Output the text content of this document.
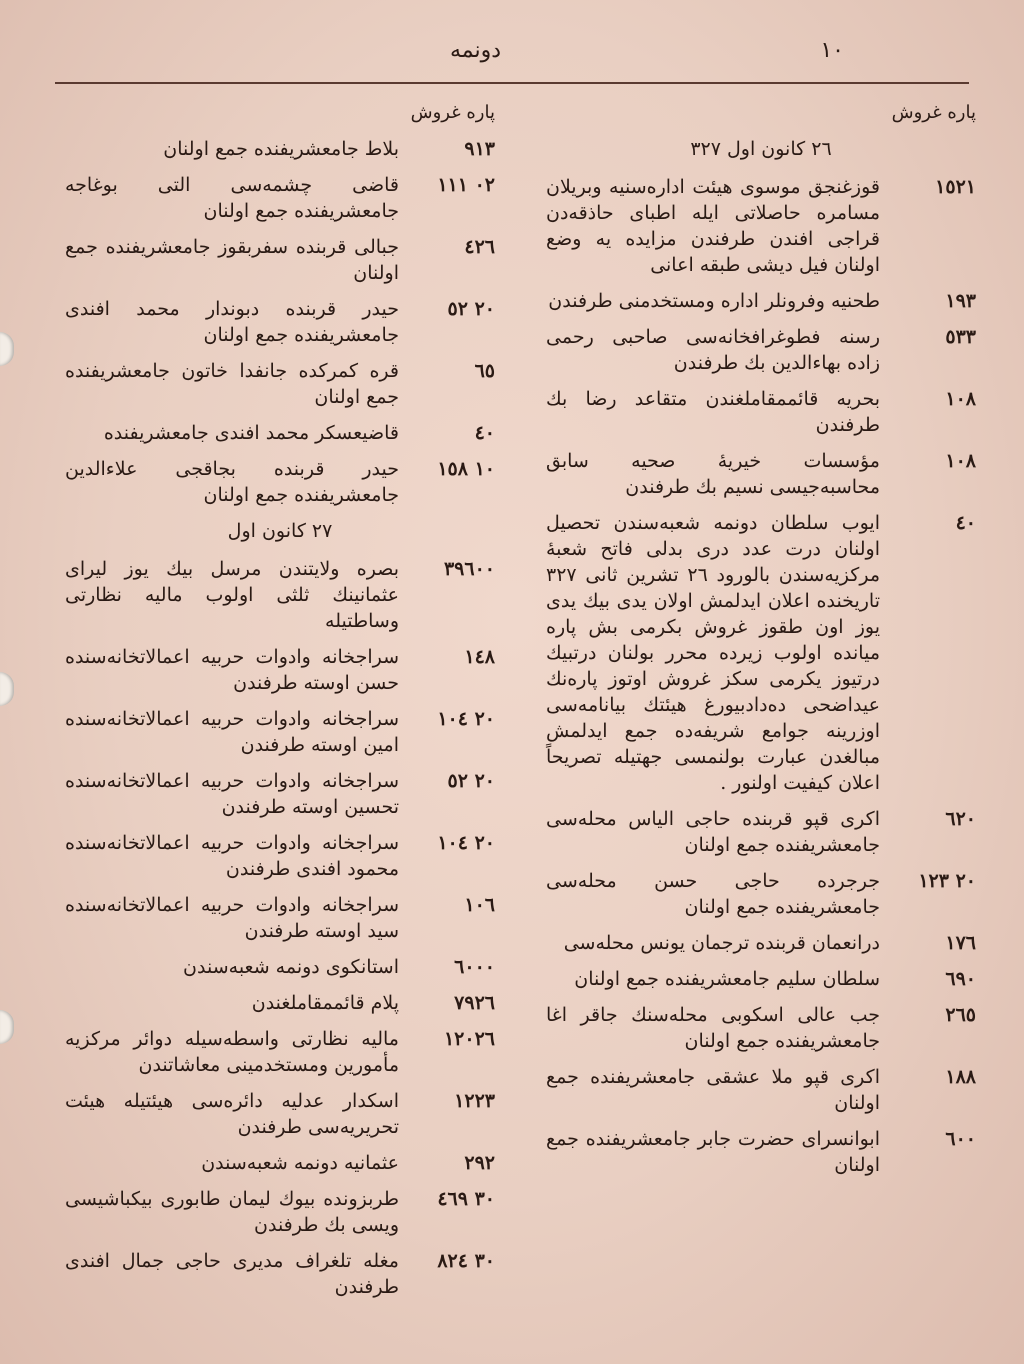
١٠
دونمه
پاره غروش
٢٦ كانون اول ٣٢٧
١٥٢١
قوزغنجق موسوی هيئت ادارەسنيه وبريلان مسامره حاصلاتی ايله اطبای حاذقەدن قراجی افندن طرفندن مزايده يه وضع اولنان فيل ديشی طبقه اعانی
١٩٣
طحنيه وفرونلر اداره ومستخدمنی طرفندن
٥٣٣
رسنه فطوغرافخانەسی صاحبی رحمی زاده بهاءالدين بك طرفندن
١٠٨
بحريه قائممقاملغندن متقاعد رضا بك طرفندن
١٠٨
مؤسسات خيريهٔ صحيه سابق محاسبەجيسی نسيم بك طرفندن
٤٠
ايوب سلطان دونمه شعبەسندن تحصيل اولنان درت عدد دری بدلی فاتح شعبهٔ مركزيەسندن بالورود ٢٦ تشرين ثانی ٣٢٧ تاريخنده اعلان ايدلمش اولان يدی بيك يدی يوز اون طقوز غروش بكرمی بش پاره ميانده اولوب زيرده محرر بولنان درتبيك درتيوز يكرمی سكز غروش اوتوز پارەنك عيداضحی دەدادبيورغ هيئتك بيانامەسی اوزرينه جوامع شريفەده جمع ايدلمش مبالغدن عبارت بولنمسی جهتيله تصريحاً اعلان كيفيت اولنور .
٦٢٠
اكری قپو قربنده حاجی الياس محلەسی جامعشريفنده جمع اولنان
٢٠ ١٢٣
جرجرده حاجی حسن محلەسی جامعشريفنده جمع اولنان
١٧٦
درانعمان قربنده ترجمان يونس محلەسی
٦٩٠
سلطان سليم جامعشريفنده جمع اولنان
٢٦٥
جب عالی اسكوبی محلەسنك جاقر اغا جامعشريفنده جمع اولنان
١٨٨
اكری قپو ملا عشقی جامعشريفنده جمع اولنان
٦٠٠
ابوانسرای حضرت جابر جامعشريفنده جمع اولنان
پاره غروش
٩١٣
بلاط جامعشريفنده جمع اولنان
٠٢ ١١١
قاضی چشمەسی التی بوغاجه جامعشريفنده جمع اولنان
٤٢٦
جبالی قربنده سفربقوز جامعشريفنده جمع اولنان
٢٠ ٥٢
حيدر قربنده دبوندار محمد افندی جامعشريفنده جمع اولنان
٦٥
قره كمركده جانفدا خاتون جامعشريفنده جمع اولنان
٤٠
قاضيعسكر محمد افندی جامعشريفنده
١٠ ١٥٨
حيدر قربنده بجاقجی علاءالدين جامعشريفنده جمع اولنان
٢٧ كانون اول
٣٩٦٠٠
بصره ولايتندن مرسل بيك يوز ليرای عثمانينك ثلثی اولوب ماليه نظارتی وساطتيله
١٤٨
سراجخانه وادوات حربيه اعمالاتخانەسنده حسن اوسته طرفندن
٢٠ ١٠٤
سراجخانه وادوات حربيه اعمالاتخانەسنده امين اوسته طرفندن
٢٠ ٥٢
سراجخانه وادوات حربيه اعمالاتخانەسنده تحسين اوسته طرفندن
٢٠ ١٠٤
سراجخانه وادوات حربيه اعمالاتخانەسنده محمود افندی طرفندن
١٠٦
سراجخانه وادوات حربيه اعمالاتخانەسنده سيد اوسته طرفندن
٦٠٠٠
استانكوی دونمه شعبەسندن
٧٩٢٦
پلام قائممقاملغندن
١٢٠٢٦
ماليه نظارتی واسطەسيله دوائر مركزيه مأمورين ومستخدمينی معاشاتندن
١٢٢٣
اسكدار عدليه دائرەسی هيئتيله هيئت تحريريەسی طرفندن
٢٩٢
عثمانيه دونمه شعبەسندن
٣٠ ٤٦٩
طربزونده بيوك ليمان طابوری بيكباشيسی ويسی بك طرفندن
٣٠ ٨٢٤
مغله تلغراف مديری حاجی جمال افندی طرفندن
